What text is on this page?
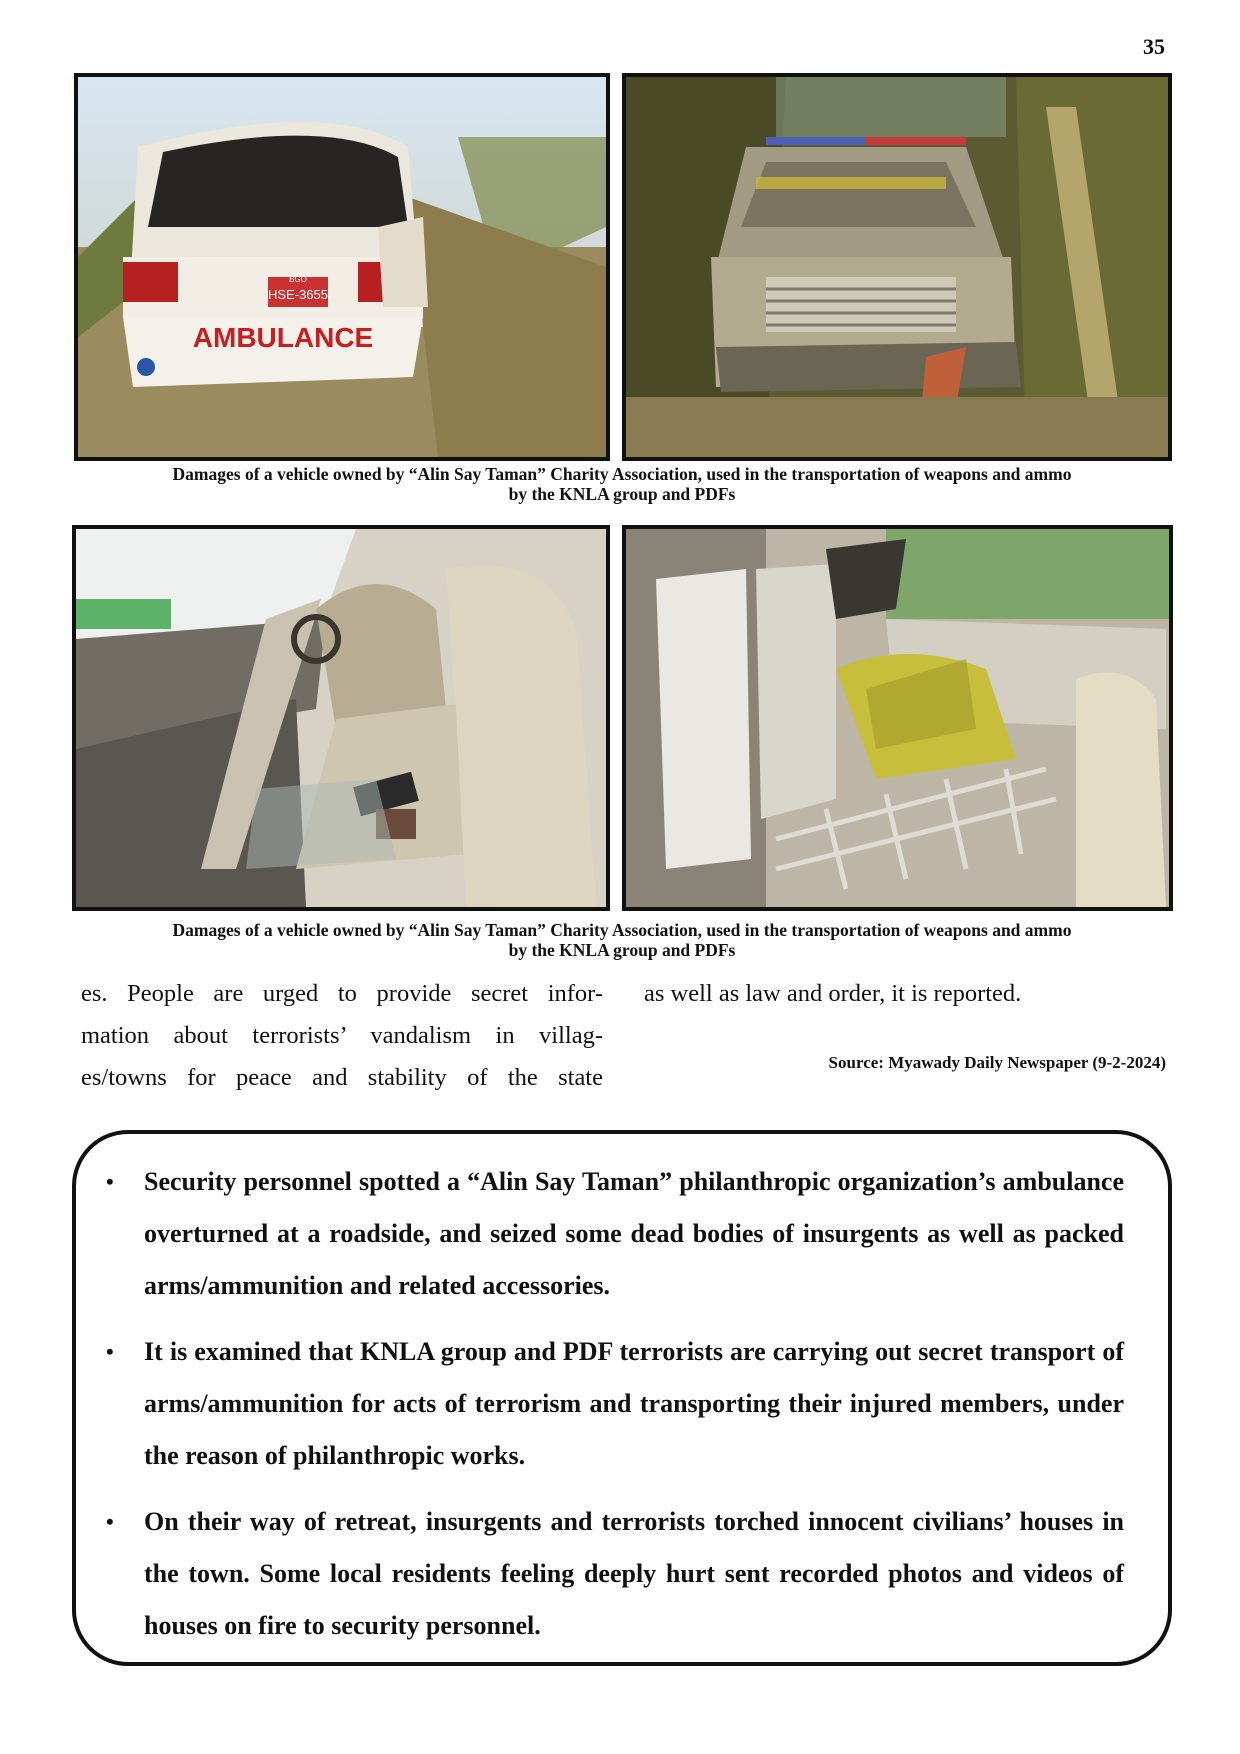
35
BGO
HSE-3655
AMBULANCE
Damages of a vehicle owned by “Alin Say Taman” Charity Association, used in the transportation of weapons and ammo
by the KNLA group and PDFs
Damages of a vehicle owned by “Alin Say Taman” Charity Association, used in the transportation of weapons and ammo
by the KNLA group and PDFs
es. People are urged to provide secret infor-
mation about terrorists’ vandalism in villag-
es/towns for peace and stability of the state
as well as law and order, it is reported.
Source: Myawady Daily Newspaper (9-2-2024)
• Security personnel spotted a “Alin Say Taman” philanthropic organization’s ambulance overturned at a roadside, and seized some dead bodies of insurgents as well as packed arms/ammunition and related accessories.
• It is examined that KNLA group and PDF terrorists are carrying out secret transport of arms/ammunition for acts of terrorism and transporting their injured members, under the reason of philanthropic works.
• On their way of retreat, insurgents and terrorists torched innocent civilians’ houses in the town. Some local residents feeling deeply hurt sent recorded photos and videos of houses on fire to security personnel.
